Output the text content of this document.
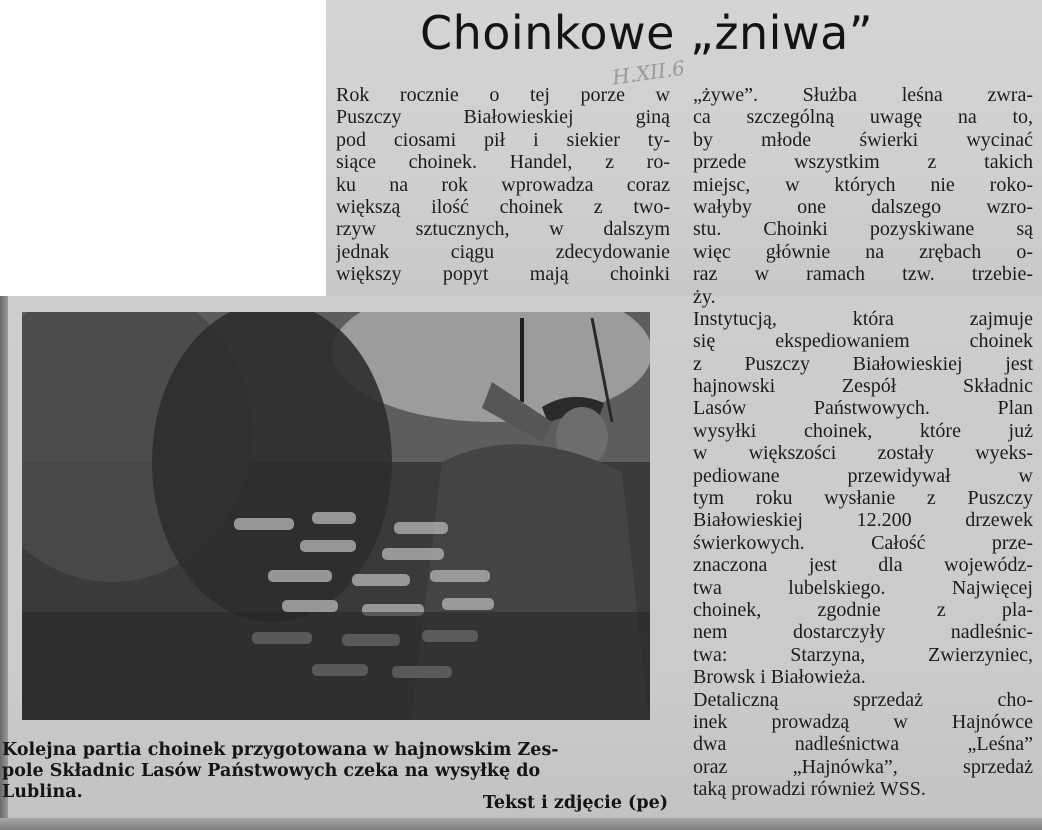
Choinkowe „żniwa”
H.XII.6
Rok rocznie o tej porze w
Puszczy Białowieskiej giną
pod ciosami pił i siekier ty-
siące choinek. Handel, z ro-
ku na rok wprowadza coraz
większą ilość choinek z two-
rzyw sztucznych, w dalszym
jednak ciągu zdecydowanie
większy popyt mają choinki
„żywe”. Służba leśna zwra-
ca szczególną uwagę na to,
by młode świerki wycinać
przede wszystkim z takich
miejsc, w których nie roko-
wałyby one dalszego wzro-
stu. Choinki pozyskiwane są
więc głównie na zrębach o-
raz w ramach tzw. trzebie-
ży.
Instytucją, która zajmuje
się ekspediowaniem choinek
z Puszczy Białowieskiej jest
hajnowski Zespół Składnic
Lasów Państwowych. Plan
wysyłki choinek, które już
w większości zostały wyeks-
pediowane przewidywał w
tym roku wysłanie z Puszczy
Białowieskiej 12.200 drzewek
świerkowych. Całość prze-
znaczona jest dla wojewódz-
twa lubelskiego. Najwięcej
choinek, zgodnie z pla-
nem dostarczyły nadleśnic-
twa: Starzyna, Zwierzyniec,
Browsk i Białowieża.
Detaliczną sprzedaż cho-
inek prowadzą w Hajnówce
dwa nadleśnictwa „Leśna”
oraz „Hajnówka”, sprzedaż
taką prowadzi również WSS.
Kolejna partia choinek przygotowana w hajnowskim Zes-
pole Składnic Lasów Państwowych czeka na wysyłkę do
Lublina.
Tekst i zdjęcie (pe)
